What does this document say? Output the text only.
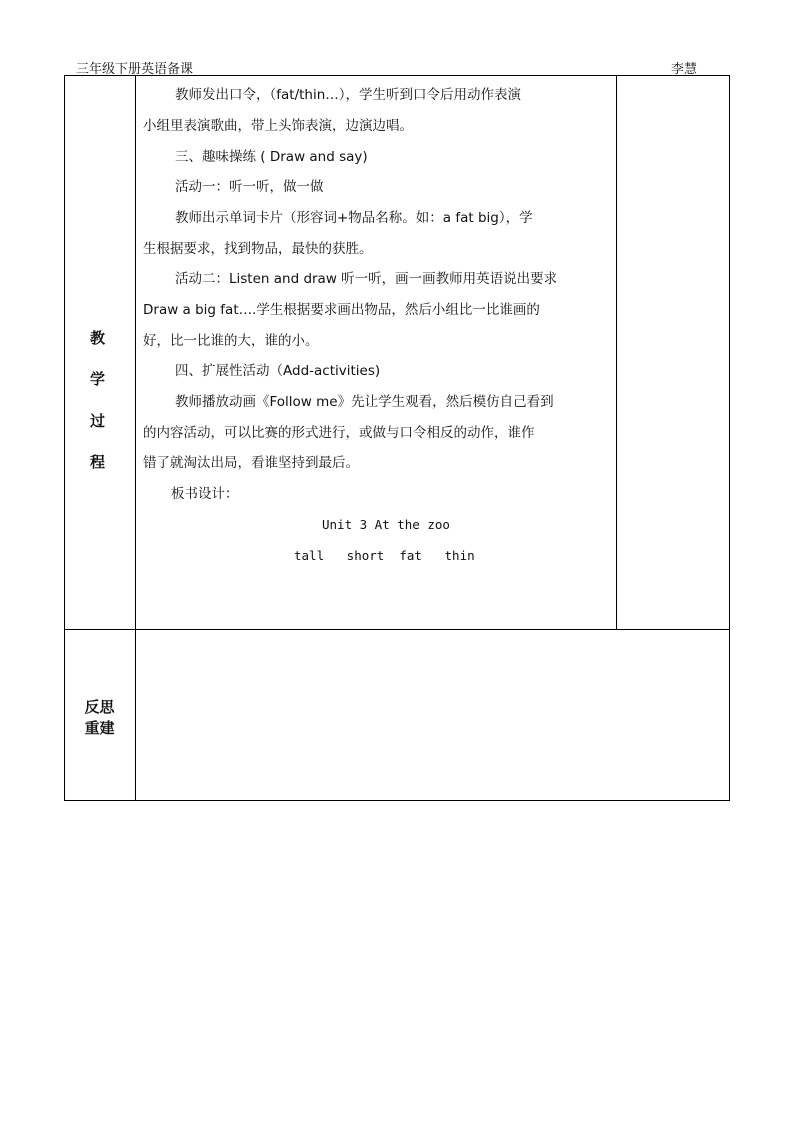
三年级下册英语备课	李慧
教
学
过
程
教师发出口令，（fat/thin…），学生听到口令后用动作表演
小组里表演歌曲，带上头饰表演，边演边唱。
三、趣味操练 ( Draw and say)
活动一：听一听，做一做
教师出示单词卡片（形容词+物品名称。如：a fat big），学
生根据要求，找到物品，最快的获胜。
活动二：Listen and draw 听一听，画一画教师用英语说出要求
Draw a big fat….学生根据要求画出物品，然后小组比一比谁画的
好，比一比谁的大，谁的小。
四、扩展性活动（Add-activities)
教师播放动画《Follow me》先让学生观看，然后模仿自己看到
的内容活动，可以比赛的形式进行，或做与口令相反的动作，谁作
错了就淘汰出局，看谁坚持到最后。
板书设计：
Unit 3 At the zoo
tall   short  fat   thin
反思
重建
